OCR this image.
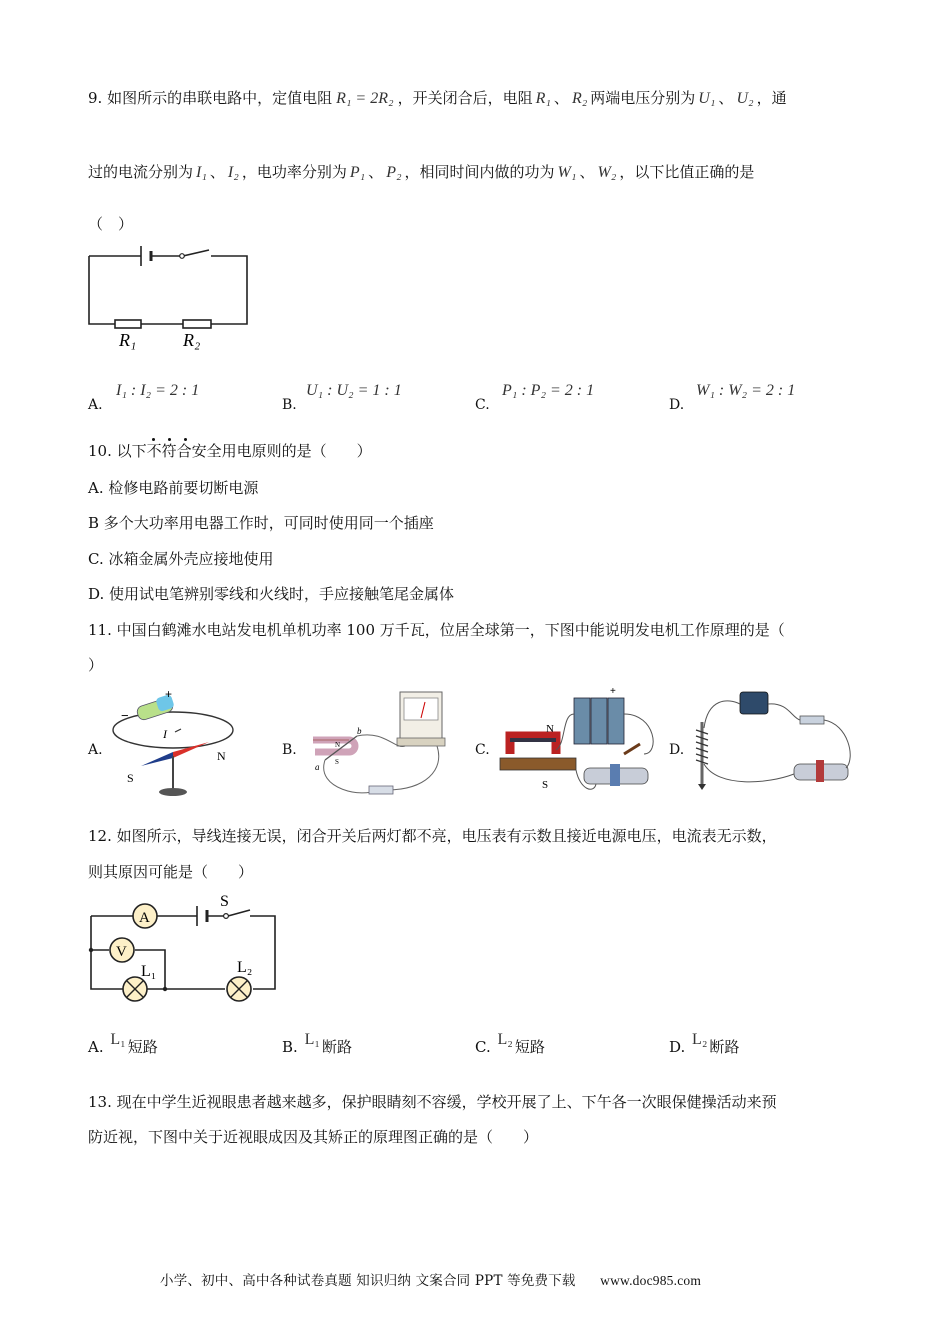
9. 如图所示的串联电路中，定值电阻 R₁ = 2R₂ ，开关闭合后，电阻 R₁ 、 R₂ 两端电压分别为 U₁ 、 U₂ ，通
过的电流分别为 I₁ 、 I₂ ，电功率分别为 P₁ 、 P₂ ，相同时间内做的功为 W₁ 、 W₂ ，以下比值正确的是
（　）
R₁	R₂
A.
I₁ : I₂ = 2 : 1
B.
U₁ : U₂ = 1 : 1
C.
P₁ : P₂ = 2 : 1
D.
W₁ : W₂ = 2 : 1
10. 以下不符合安全用电原则的是（　　）
A. 检修电路前要切断电源
B 多个大功率用电器工作时，可同时使用同一个插座
C. 冰箱金属外壳应接地使用
D. 使用试电笔辨别零线和火线时，手应接触笔尾金属体
11. 中国白鹤滩水电站发电机单机功率 100 万千瓦，位居全球第一，下图中能说明发电机工作原理的是（
）
A.	B.	C.	D.
+
−
I
N
S
N
S
a
b
+
N
S
12. 如图所示，导线连接无误，闭合开关后两灯都不亮，电压表有示数且接近电源电压，电流表无示数，
则其原因可能是（　　）
A
S
V
L₁	L₂
A. L₁ 短路	B. L₁ 断路	C. L₂ 短路	D. L₂ 断路
13. 现在中学生近视眼患者越来越多，保护眼睛刻不容缓，学校开展了上、下午各一次眼保健操活动来预
防近视，下图中关于近视眼成因及其矫正的原理图正确的是（　　）
小学、初中、高中各种试卷真题 知识归纳 文案合同 PPT 等免费下载 www.doc985.com
